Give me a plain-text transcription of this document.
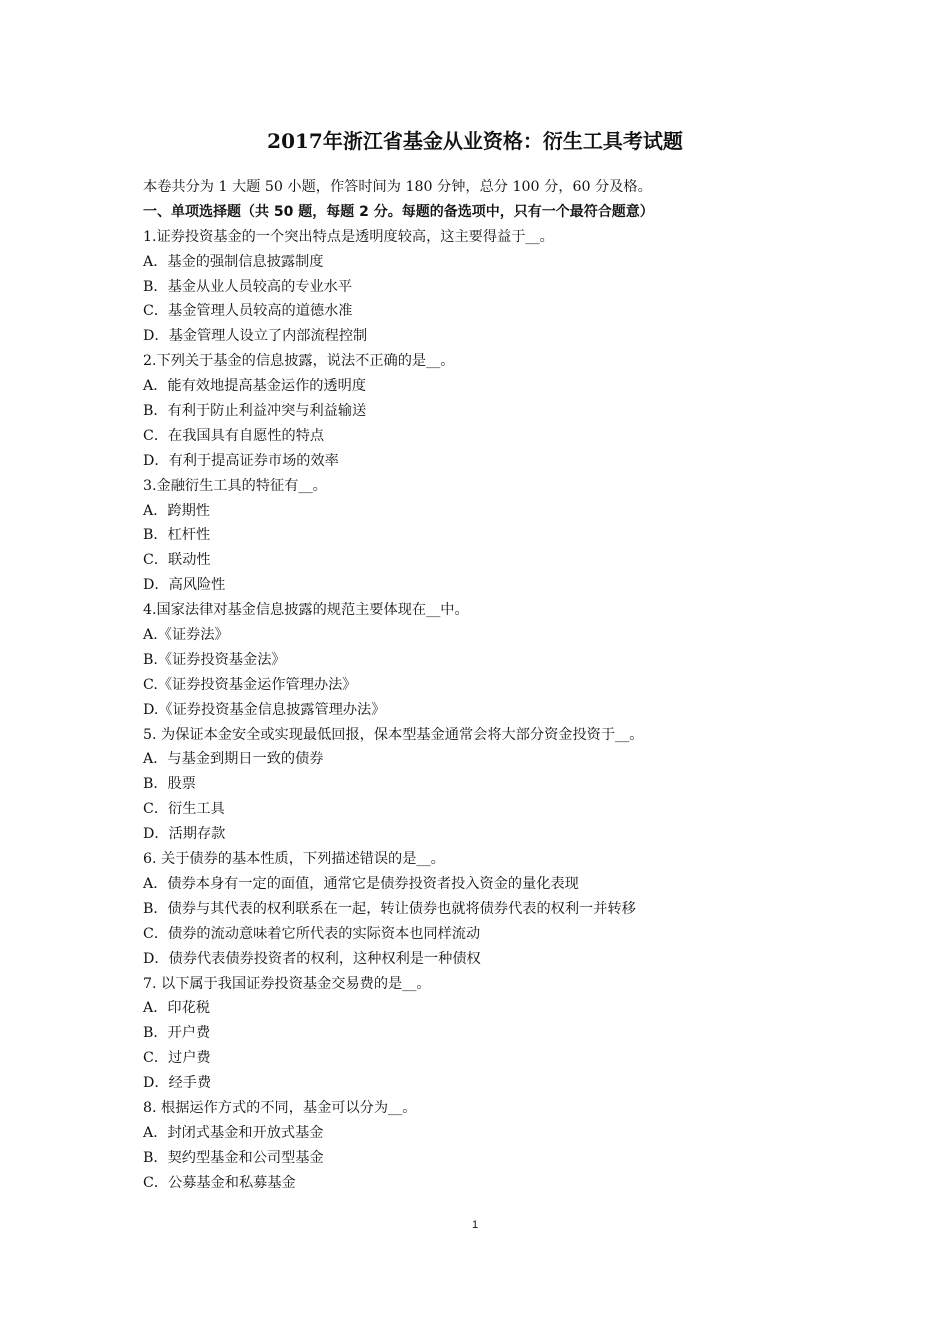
2017年浙江省基金从业资格：衍生工具考试题
本卷共分为 1 大题 50 小题，作答时间为 180 分钟，总分 100 分，60 分及格。
一、单项选择题（共 50 题，每题 2 分。每题的备选项中，只有一个最符合题意）
1.证券投资基金的一个突出特点是透明度较高，这主要得益于__。
A．基金的强制信息披露制度
B．基金从业人员较高的专业水平
C．基金管理人员较高的道德水准
D．基金管理人设立了内部流程控制
2.下列关于基金的信息披露，说法不正确的是__。
A．能有效地提高基金运作的透明度
B．有利于防止利益冲突与利益输送
C．在我国具有自愿性的特点
D．有利于提高证券市场的效率
3.金融衍生工具的特征有__。
A．跨期性
B．杠杆性
C．联动性
D．高风险性
4.国家法律对基金信息披露的规范主要体现在__中。
A.《证券法》
B.《证券投资基金法》
C.《证券投资基金运作管理办法》
D.《证券投资基金信息披露管理办法》
5. 为保证本金安全或实现最低回报，保本型基金通常会将大部分资金投资于__。
A．与基金到期日一致的债券
B．股票
C．衍生工具
D．活期存款
6. 关于债券的基本性质，下列描述错误的是__。
A．债券本身有一定的面值，通常它是债券投资者投入资金的量化表现
B．债券与其代表的权利联系在一起，转让债券也就将债券代表的权利一并转移
C．债券的流动意味着它所代表的实际资本也同样流动
D．债券代表债券投资者的权利，这种权利是一种债权
7. 以下属于我国证券投资基金交易费的是__。
A．印花税
B．开户费
C．过户费
D．经手费
8. 根据运作方式的不同，基金可以分为__。
A．封闭式基金和开放式基金
B．契约型基金和公司型基金
C．公募基金和私募基金
1
